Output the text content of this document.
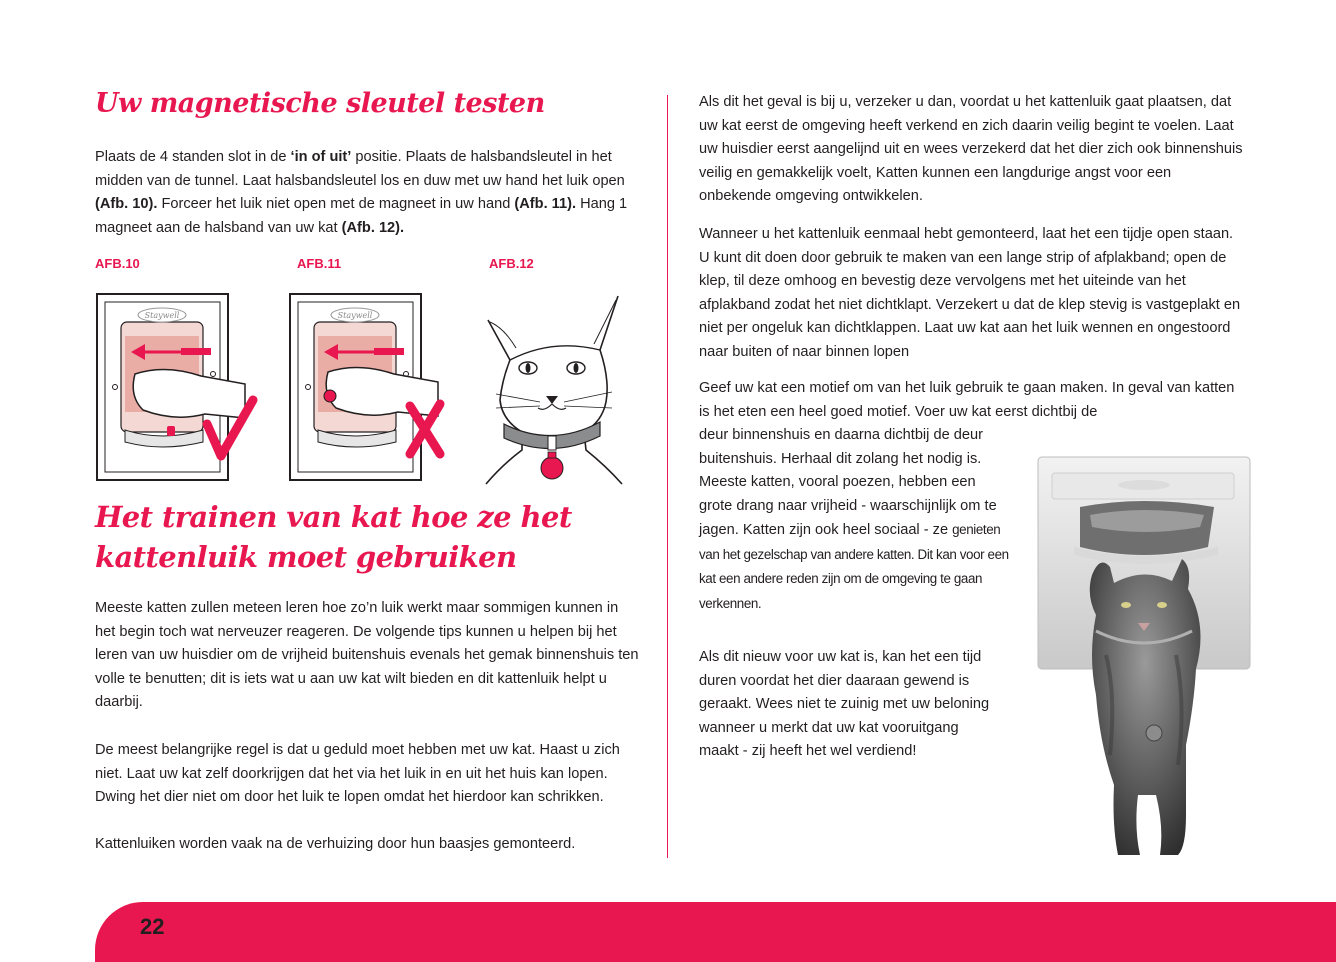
Uw magnetische sleutel testen

Plaats de 4 standen slot in de ‘in of uit’ positie. Plaats de halsbandsleutel in het midden van de tunnel. Laat halsbandsleutel los en duw met uw hand het luik open (Afb. 10). Forceer het luik niet open met de magneet in uw hand (Afb. 11). Hang 1 magneet aan de halsband van uw kat (Afb. 12).

AFB.10	AFB.11	AFB.12
Staywell	Staywell
Het trainen van kat hoe ze het kattenluik moet gebruiken

Meeste katten zullen meteen leren hoe zo’n luik werkt maar sommigen kunnen in het begin toch wat nerveuzer reageren. De volgende tips kunnen u helpen bij het leren van uw huisdier om de vrijheid buitenshuis evenals het gemak binnenshuis ten volle te benutten; dit is iets wat u aan uw kat wilt bieden en dit kattenluik helpt u daarbij.

De meest belangrijke regel is dat u geduld moet hebben met uw kat. Haast u zich niet. Laat uw kat zelf doorkrijgen dat het via het luik in en uit het huis kan lopen. Dwing het dier niet om door het luik te lopen omdat het hierdoor kan schrikken.

Kattenluiken worden vaak na de verhuizing door hun baasjes gemonteerd.

Als dit het geval is bij u, verzeker u dan, voordat u het kattenluik gaat plaatsen, dat uw kat eerst de omgeving heeft verkend en zich daarin veilig begint te voelen. Laat uw huisdier eerst aangelijnd uit en wees verzekerd dat het dier zich ook binnenshuis veilig en gemakkelijk voelt, Katten kunnen een langdurige angst voor een onbekende omgeving ontwikkelen.

Wanneer u het kattenluik eenmaal hebt gemonteerd, laat het een tijdje open staan. U kunt dit doen door gebruik te maken van een lange strip of afplakband; open de klep, til deze omhoog en bevestig deze vervolgens met het uiteinde van het afplakband zodat het niet dichtklapt. Verzekert u dat de klep stevig is vastgeplakt en niet per ongeluk kan dichtklappen. Laat uw kat aan het luik wennen en ongestoord naar buiten of naar binnen lopen

Geef uw kat een motief om van het luik gebruik te gaan maken. In geval van katten is het eten een heel goed motief. Voer uw kat eerst dichtbij de

deur binnenshuis en daarna dichtbij de deur buitenshuis. Herhaal dit zolang het nodig is. Meeste katten, vooral poezen, hebben een grote drang naar vrijheid - waarschijnlijk om te jagen. Katten zijn ook heel sociaal - ze genieten van het gezelschap van andere katten. Dit kan voor een kat een andere reden zijn om de omgeving te gaan verkennen.

Als dit nieuw voor uw kat is, kan het een tijd duren voordat het dier daaraan gewend is geraakt. Wees niet te zuinig met uw beloning wanneer u merkt dat uw kat vooruitgang maakt - zij heeft het wel verdiend!

22
